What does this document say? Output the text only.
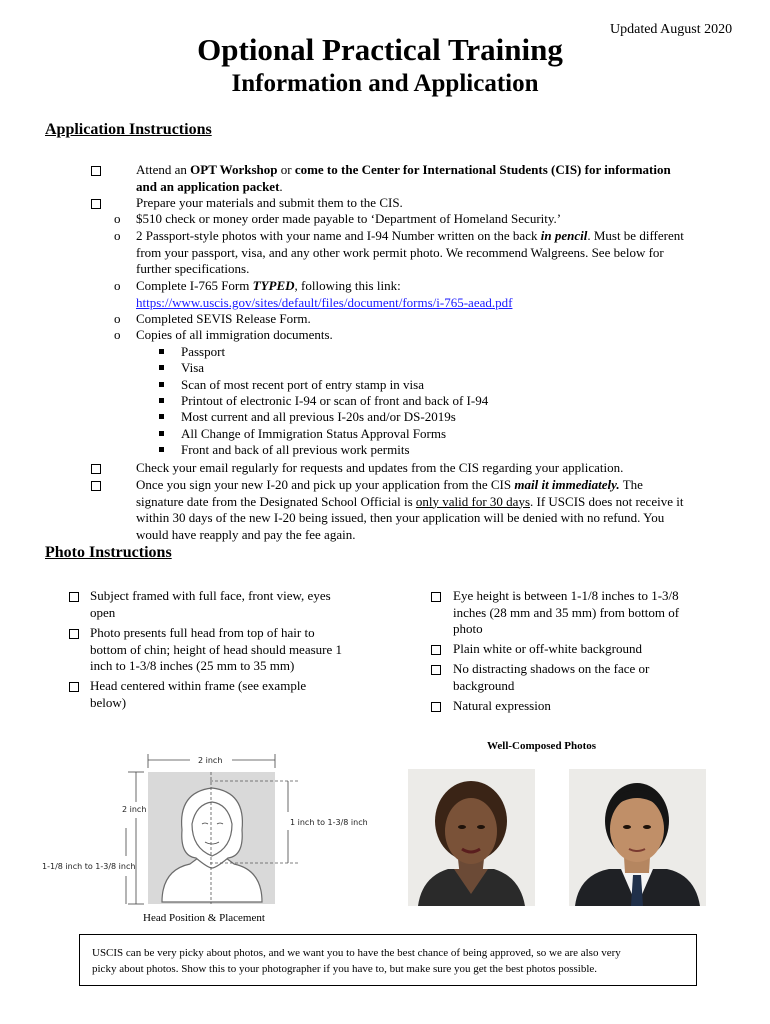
Updated August 2020
Optional Practical Training
Information and Application
Application Instructions
Attend an OPT Workshop or come to the Center for International Students (CIS) for information
and an application packet.
Prepare your materials and submit them to the CIS.
o $510 check or money order made payable to ‘Department of Homeland Security.’
o 2 Passport-style photos with your name and I-94 Number written on the back in pencil. Must be different
from your passport, visa, and any other work permit photo. We recommend Walgreens. See below for
further specifications.
o Complete I-765 Form TYPED, following this link:
https://www.uscis.gov/sites/default/files/document/forms/i-765-aead.pdf
o Completed SEVIS Release Form.
o Copies of all immigration documents.
Passport
Visa
Scan of most recent port of entry stamp in visa
Printout of electronic I-94 or scan of front and back of I-94
Most current and all previous I-20s and/or DS-2019s
All Change of Immigration Status Approval Forms
Front and back of all previous work permits
Check your email regularly for requests and updates from the CIS regarding your application.
Once you sign your new I-20 and pick up your application from the CIS mail it immediately. The
signature date from the Designated School Official is only valid for 30 days. If USCIS does not receive it
within 30 days of the new I-20 being issued, then your application will be denied with no refund. You
would have reapply and pay the fee again.
Photo Instructions
Subject framed with full face, front view, eyes
open
Photo presents full head from top of hair to
bottom of chin; height of head should measure 1
inch to 1-3/8 inches (25 mm to 35 mm)
Head centered within frame (see example
below)
Eye height is between 1-1/8 inches to 1-3/8
inches (28 mm and 35 mm) from bottom of
photo
Plain white or off-white background
No distracting shadows on the face or
background
Natural expression
Well-Composed Photos
2 inch
2 inch
1 inch to 1-3/8 inch
1-1/8 inch to 1-3/8 inch
Head Position & Placement
USCIS can be very picky about photos, and we want you to have the best chance of being approved, so we are also very
picky about photos. Show this to your photographer if you have to, but make sure you get the best photos possible.
